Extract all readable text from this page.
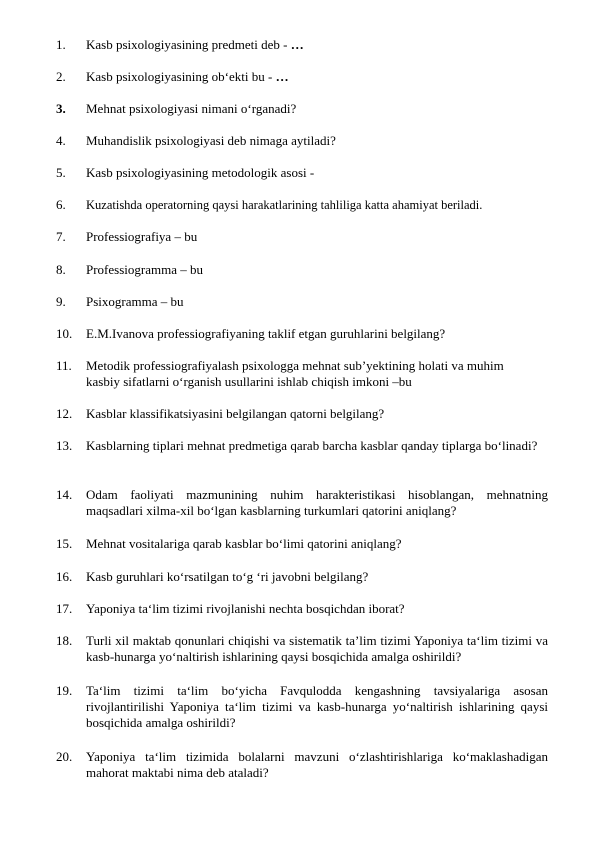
1.	Kasb psixologiyasining predmeti deb - …
2.	Kasb psixologiyasining ob‘ekti bu - …
3.	Mehnat psixologiyasi nimani o‘rganadi?
4.	Muhandislik psixologiyasi deb nimaga aytiladi?
5.	Kasb psixologiyasining metodologik asosi -
6.	Kuzatishda operatorning qaysi harakatlarining tahliliga katta ahamiyat beriladi.
7.	Professiografiya – bu
8.	Professiogramma – bu
9.	Psixogramma – bu
10.	E.M.Ivanova professiografiyaning taklif etgan guruhlarini belgilang?
11.	Metodik professiografiyalash psixologga mehnat sub’yektining holati va muhim kasbiy sifatlarni o‘rganish usullarini ishlab chiqish imkoni –bu
12.	Kasblar klassifikatsiyasini belgilangan qatorni belgilang?
13.	Kasblarning tiplari mehnat predmetiga qarab barcha kasblar qanday tiplarga bo‘linadi?
14.	Odam faoliyati mazmunining nuhim harakteristikasi hisoblangan, mehnatning maqsadlari xilma-xil bo‘lgan kasblarning turkumlari qatorini aniqlang?
15.	Mehnat vositalariga qarab kasblar bo‘limi qatorini aniqlang?
16.	Kasb guruhlari ko‘rsatilgan to‘g ‘ri javobni belgilang?
17.	Yaponiya ta‘lim tizimi rivojlanishi nechta bosqichdan iborat?
18.	Turli xil maktab qonunlari chiqishi va sistematik ta’lim tizimi Yaponiya ta‘lim tizimi va kasb-hunarga yo‘naltirish ishlarining qaysi bosqichida amalga oshirildi?
19.	Ta‘lim tizimi ta‘lim bo‘yicha Favqulodda kengashning tavsiyalariga asosan rivojlantirilishi Yaponiya ta‘lim tizimi va kasb-hunarga yo‘naltirish ishlarining qaysi bosqichida amalga oshirildi?
20.	Yaponiya ta‘lim tizimida bolalarni mavzuni o‘zlashtirishlariga ko‘maklashadigan mahorat maktabi nima deb ataladi?
